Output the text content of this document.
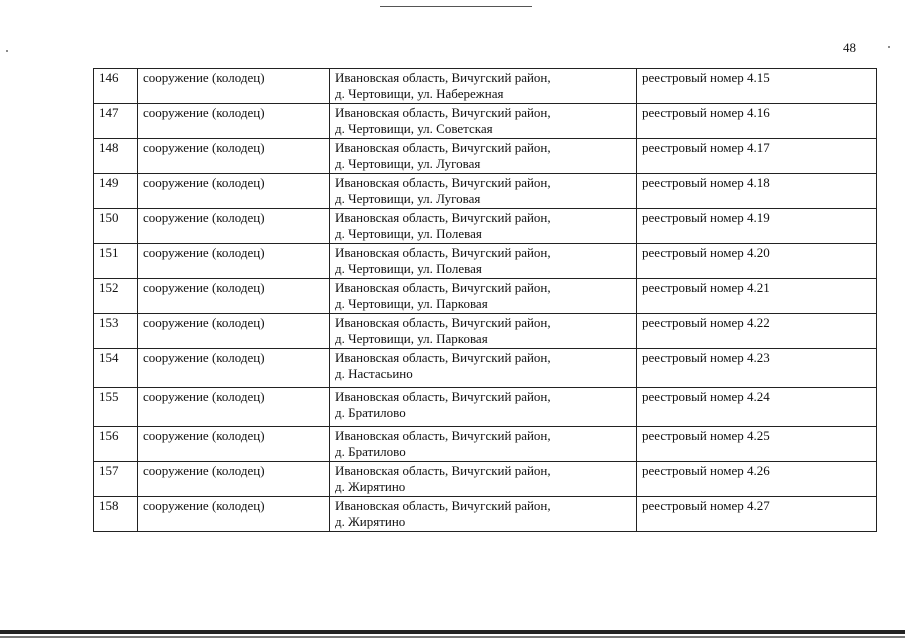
48
146	сооружение (колодец)	Ивановская область, Вичугский район,
д. Чертовищи, ул. Набережная	реестровый номер 4.15

147	сооружение (колодец)	Ивановская область, Вичугский район,
д. Чертовищи, ул. Советская	реестровый номер 4.16

148	сооружение (колодец)	Ивановская область, Вичугский район,
д. Чертовищи, ул. Луговая	реестровый номер 4.17

149	сооружение (колодец)	Ивановская область, Вичугский район,
д. Чертовищи, ул. Луговая	реестровый номер 4.18

150	сооружение (колодец)	Ивановская область, Вичугский район,
д. Чертовищи, ул. Полевая	реестровый номер 4.19

151	сооружение (колодец)	Ивановская область, Вичугский район,
д. Чертовищи, ул. Полевая	реестровый номер 4.20

152	сооружение (колодец)	Ивановская область, Вичугский район,
д. Чертовищи, ул. Парковая	реестровый номер 4.21

153	сооружение (колодец)	Ивановская область, Вичугский район,
д. Чертовищи, ул. Парковая	реестровый номер 4.22

154	сооружение (колодец)	Ивановская область, Вичугский район,
д. Настасьино	реестровый номер 4.23

155	сооружение (колодец)	Ивановская область, Вичугский район,
д. Братилово	реестровый номер 4.24

156	сооружение (колодец)	Ивановская область, Вичугский район,
д. Братилово	реестровый номер 4.25

157	сооружение (колодец)	Ивановская область, Вичугский район,
д. Жирятино	реестровый номер 4.26

158	сооружение (колодец)	Ивановская область, Вичугский район,
д. Жирятино	реестровый номер 4.27
